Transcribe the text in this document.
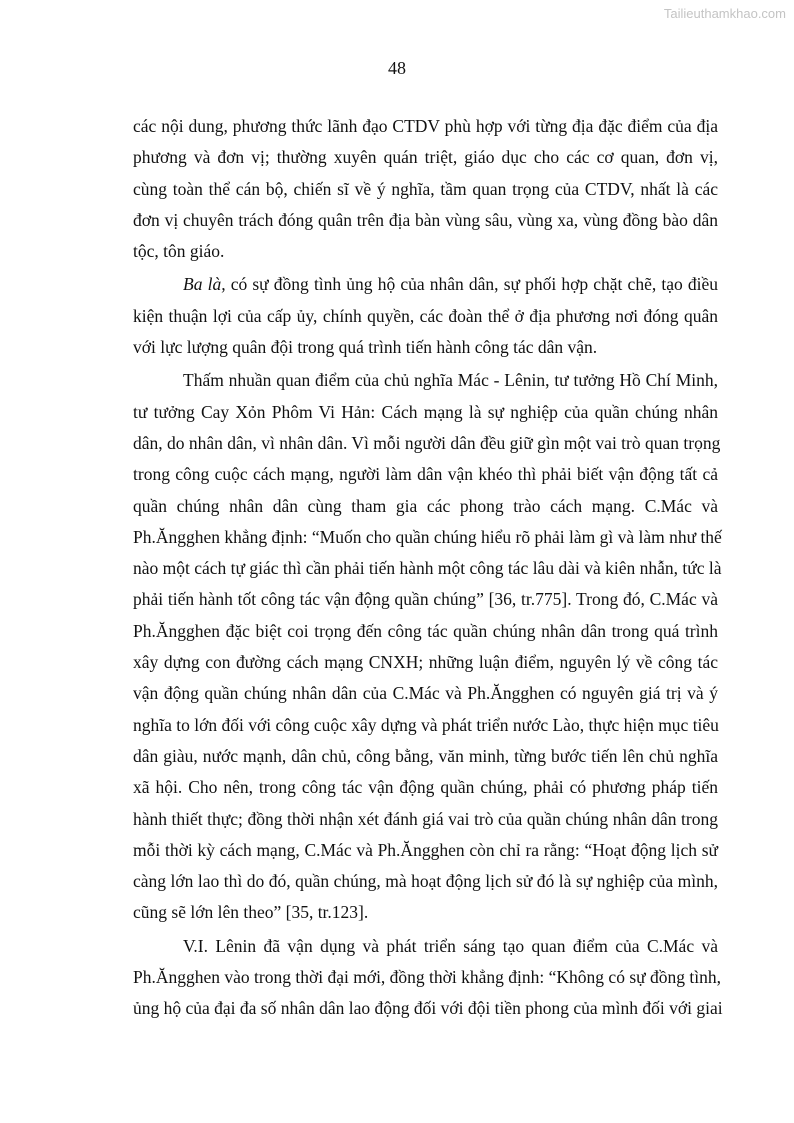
Tailieuthamkhao.com
48
các nội dung, phương thức lãnh đạo CTDV phù hợp với từng địa đặc điểm của địa
phương và đơn vị; thường xuyên quán triệt, giáo dục cho các cơ quan, đơn vị,
cùng toàn thể cán bộ, chiến sĩ về ý nghĩa, tầm quan trọng của CTDV, nhất là các
đơn vị chuyên trách đóng quân trên địa bàn vùng sâu, vùng xa, vùng đồng bào dân
tộc, tôn giáo.
Ba là, có sự đồng tình ủng hộ của nhân dân, sự phối hợp chặt chẽ, tạo điều
kiện thuận lợi của cấp ủy, chính quyền, các đoàn thể ở địa phương nơi đóng quân
với lực lượng quân đội trong quá trình tiến hành công tác dân vận.
Thấm nhuần quan điểm của chủ nghĩa Mác - Lênin, tư tưởng Hồ Chí Minh,
tư tưởng Cay Xỏn Phôm Vi Hản: Cách mạng là sự nghiệp của quần chúng nhân
dân, do nhân dân, vì nhân dân. Vì mỗi người dân đều giữ gìn một vai trò quan trọng
trong công cuộc cách mạng, người làm dân vận khéo thì phải biết vận động tất cả
quần chúng nhân dân cùng tham gia các phong trào cách mạng. C.Mác và
Ph.Ăngghen khẳng định: “Muốn cho quần chúng hiểu rõ phải làm gì và làm như thế
nào một cách tự giác thì cần phải tiến hành một công tác lâu dài và kiên nhẫn, tức là
phải tiến hành tốt công tác vận động quần chúng” [36, tr.775]. Trong đó, C.Mác và
Ph.Ăngghen đặc biệt coi trọng đến công tác quần chúng nhân dân trong quá trình
xây dựng con đường cách mạng CNXH; những luận điểm, nguyên lý về công tác
vận động quần chúng nhân dân của C.Mác và Ph.Ăngghen có nguyên giá trị và ý
nghĩa to lớn đối với công cuộc xây dựng và phát triển nước Lào, thực hiện mục tiêu
dân giàu, nước mạnh, dân chủ, công bằng, văn minh, từng bước tiến lên chủ nghĩa
xã hội. Cho nên, trong công tác vận động quần chúng, phải có phương pháp tiến
hành thiết thực; đồng thời nhận xét đánh giá vai trò của quần chúng nhân dân trong
mỗi thời kỳ cách mạng, C.Mác và Ph.Ăngghen còn chỉ ra rằng: “Hoạt động lịch sử
càng lớn lao thì do đó, quần chúng, mà hoạt động lịch sử đó là sự nghiệp của mình,
cũng sẽ lớn lên theo” [35, tr.123].
V.I. Lênin đã vận dụng và phát triển sáng tạo quan điểm của C.Mác và
Ph.Ăngghen vào trong thời đại mới, đồng thời khẳng định: “Không có sự đồng tình,
ủng hộ của đại đa số nhân dân lao động đối với đội tiền phong của mình đối với giai
